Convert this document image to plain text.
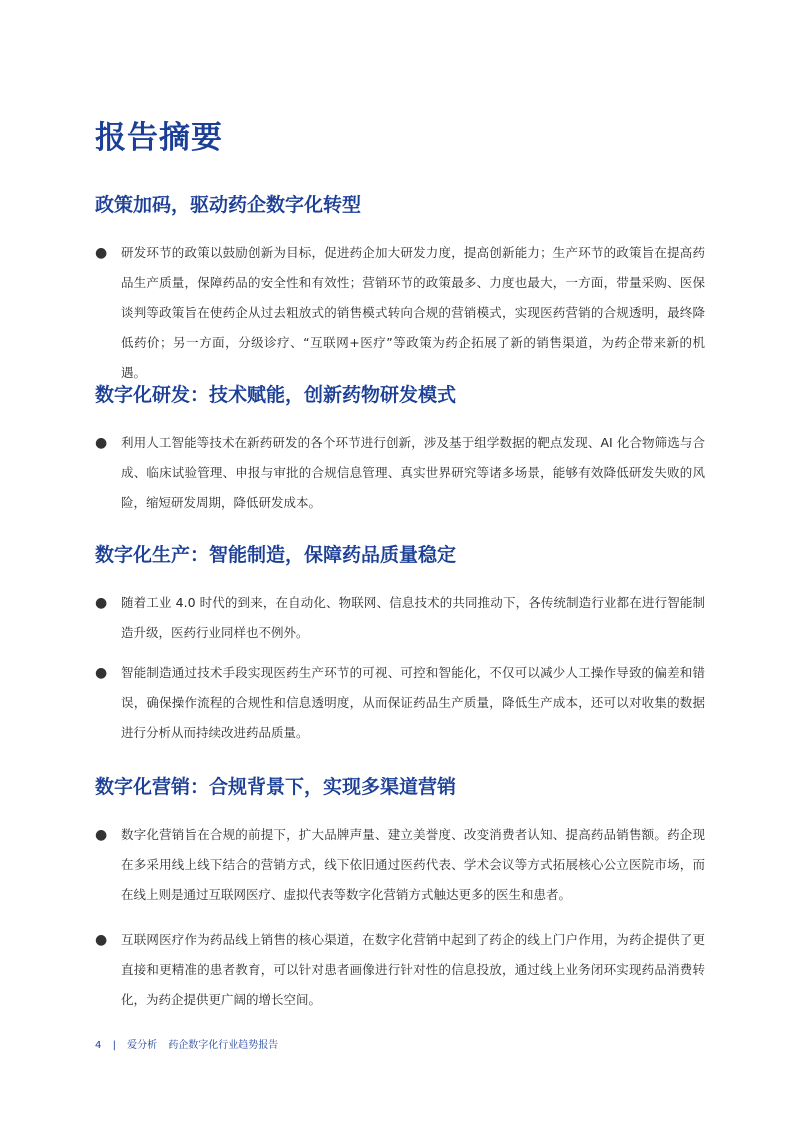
报告摘要
政策加码，驱动药企数字化转型
●	研发环节的政策以鼓励创新为目标，促进药企加大研发力度，提高创新能力；生产环节的政策旨在提高药品生产质量，保障药品的安全性和有效性；营销环节的政策最多、力度也最大，一方面，带量采购、医保谈判等政策旨在使药企从过去粗放式的销售模式转向合规的营销模式，实现医药营销的合规透明，最终降低药价；另一方面，分级诊疗、“互联网+医疗”等政策为药企拓展了新的销售渠道，为药企带来新的机遇。

数字化研发：技术赋能，创新药物研发模式
●	利用人工智能等技术在新药研发的各个环节进行创新，涉及基于组学数据的靶点发现、AI 化合物筛选与合成、临床试验管理、申报与审批的合规信息管理、真实世界研究等诸多场景，能够有效降低研发失败的风险，缩短研发周期，降低研发成本。

数字化生产：智能制造，保障药品质量稳定
●	随着工业 4.0 时代的到来，在自动化、物联网、信息技术的共同推动下，各传统制造行业都在进行智能制造升级，医药行业同样也不例外。

●	智能制造通过技术手段实现医药生产环节的可视、可控和智能化，不仅可以减少人工操作导致的偏差和错误，确保操作流程的合规性和信息透明度，从而保证药品生产质量，降低生产成本，还可以对收集的数据进行分析从而持续改进药品质量。

数字化营销：合规背景下，实现多渠道营销
●	数字化营销旨在合规的前提下，扩大品牌声量、建立美誉度、改变消费者认知、提高药品销售额。药企现在多采用线上线下结合的营销方式，线下依旧通过医药代表、学术会议等方式拓展核心公立医院市场，而在线上则是通过互联网医疗、虚拟代表等数字化营销方式触达更多的医生和患者。

●	互联网医疗作为药品线上销售的核心渠道，在数字化营销中起到了药企的线上门户作用，为药企提供了更直接和更精准的患者教育，可以针对患者画像进行针对性的信息投放，通过线上业务闭环实现药品消费转化，为药企提供更广阔的增长空间。

4 | 爱分析 药企数字化行业趋势报告
